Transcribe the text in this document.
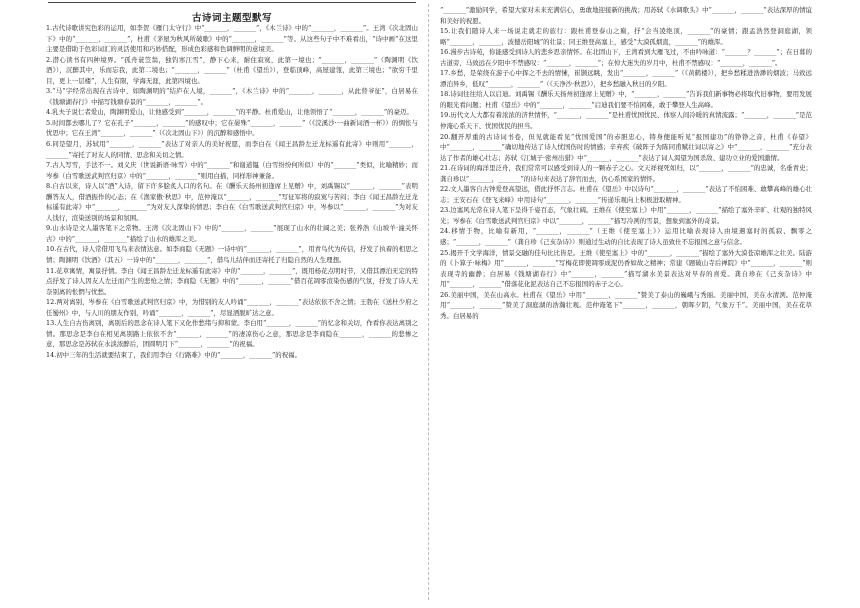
古诗词主题型默写

1.古代诗歌讲究色彩的运用，如李贺《雁门太守行》中“_______，_______”，《木兰诗》中的“_______，_______”。王湾《次北固山下》中的“_______，_______”，杜甫《茅屋为秋风所破歌》中的“_______，_______”等。从这些句子中不难看出，“诗中画”在这里主要是借助于色彩词汇的灵活使用和巧妙搭配，形成色彩感和色调鲜明的意境美。

2.潜心读书有四种境界。“孤舟蓑笠翁，独钓寒江雪”，静下心来，耐住寂寞，此第一境也；“_______，_______”（陶渊明《饮酒》），沉醉其中，乐而忘我，此第二境也；“_______，_______”（杜甫《望岳》），登临顶峰，高屋建瓴，此第三境也；“欲穷千里目，更上一层楼”，人生有限，学海无涯，此第四境也。

3.“马”字经常出现在古诗中，如陶渊明的“结庐在人境，_______”，《木兰诗》中的“_______，_______，从此替爷征”，白居易在《钱塘湖春行》中描写钱塘春景的“_______，_______”。

4.乳夫子说仁者爱山，陶渊明爱山，让他感受到“_______，_______”的平静。杜甫爱山，让他领悟了“_______，_______”的豪迈。

5.时间都去哪儿了？它在孔子“_______，_______”的感叹中；它在晏殊“_______，_______”（《浣溪沙·一曲新词酒一杯》）的惆怅与忧思中；它在王湾“_______，_______”（《次北固山下》）的沉醉和感悟中。

6.同是望月，苏轼用“_______，_______”表达了对亲人的美好祝愿，而李白在《闻王昌龄左迁龙标遥有此寄》中则用“_______，_______”寄托了对友人的同情、思念和关切之情。

7.古人写雪，手法不一。刘义庆（世说新语·咏雪）中的“_______”和谢道韫（白雪纷纷何所似）中的“_______”类似，比喻精妙；而岑参（白雪歌送武判官归京）中的“_______，_______”则用白描，同样形神兼备。

8.自古以来，诗人以“酒”入诗，留下许多脍炙人口的名句。在《酬乐天扬州初逢席上见赠》中，刘禹锡以“_______，_______”表明酬答友人，借酒振作的心态；在《渔家傲·秋思》中，范仲淹以“_______，_______”写征军将的寂寞与苦闷；李白《闻王昌龄左迁龙标遥有此寄》中“_______，_______”为对友人深挚的情思；李白在《白雪歌送武判官归京》中，岑参以“_______，_______”为对友人饯行，渲染送别的场景和氛围。

9.山水诗是文人墨客笔下之常物。王湾《次北固山下》中的“_______，_______”展现了山水的壮阔之美；张养浩《山坡羊·潼关怀古》中的“_______，_______”描绘了山水的雄浑之美。

10.在古代，诗人常借用飞鸟来表情达意。如李商隐《无题》一诗中的“_______，_______”，用青鸟代为传信，抒发了执着的相思之情；陶渊明《饮酒》（其五）一诗中的“_______，_______”，借鸟儿结伴而还寄托了归隐自然的人生理想。

11.花草寓情，寓景抒情。李白《闻王昌龄左迁龙标遥有此寄》中的“_______，_______”，既用杨花点明时节，又借其漂泊无定的特点抒发了诗人因友人左迁而产生的悲怆之情；李商隐《无题》中的“_______，_______”借百花凋零渲染伤感的气氛，抒发了诗人无奈别离的怅惘与忧愁。

12.两对离别，岑参在《白雪歌送武判官归京》中，为惜别的友人吟诵“_______，_______”表达依依不舍之情；王勃在《送杜少府之任蜀州》中，与人川的朋友作别，吟诵“_______，_______”，尽显洒脱旷达之意。

13.人生自古伤离别，离别后的思念在诗人笔下又化作愁绪与抑和蒙。李白用“_______，_______”的忆念和关切，作看你表达离别之情。那思念是李白在相见离别路上依依不舍“_______，_______”的凄凉伤心之意，那思念是李商隐在_______，_______的悲惨之意，那思念是苏轼在水淡浓醉后，团圆明月下“_______，_______”的祝福。

14.初中三年的生活就要结束了，我们用李白《行路难》中的“_______，_______”的祝福。

“_______”激励同学，希望大家对未来充满信心，勇敢地迎接新的挑战；用苏轼《水调歌头》中“_______，_______”表达深厚的情谊和美好的祝愿。

15.让我们随诗人来一场说走就走的旅行：跟杜甫登泰山之巅，抒“会当凌绝顶，_______”的豪情；跟孟浩然登洞庭湖，领略“_______，_______，波撼岳阳城”的壮景；同王维登高塞上，感受“大漠孤烟直，_______”的雄浑。

16.漫步古诗苑，你能感受到诗人的悲乡思亲情怀。在北固山下，王湾看到大雁飞过，不由吟咏道：“_______？_______”；在日暮的古道旁，马致远在夕阳中不禁感叹：“_______，_______”；在悼大迷失的岁月中，杜甫不禁感叹：“_______，_______”。

17.乡愁，是荣绕在游子心中挥之不去的情愫，崔颢远眺，发出“_______，_______”（《黄鹤楼》），把乡愁糅进浩渺的烟波；马致远漂泊异乡，低叹“_______，_______”（《天净沙·秋思》），把乡愁融入秋日的夕阳。

18.诗词往往给人以启迪。刘禹锡《酬乐天扬州初逢席上见赠》中，“_______，_______”告诉我们新事物必将取代旧事物，要用发展的眼光看问题；杜甫《望岳》中的“_______，_______”启迪我们要不怕困难，敢于攀登人生高峰。

19.历代文人大都有着浓浓的济世情怀，“_______，_______”是杜甫忧国忧民、体察人间冷暖的真情流露；“_______，_______”是范仲淹心系天下、忧国忧民的担当。

20.翻开厚重的古诗词书卷，但见就能看见“忧国爱国”的赤胆忠心，铸身便能听见“报国建功”的铮铮之音，杜甫《春望》中“_______，_______”确切地传达了诗人忧国伤时的情感；辛弃疾《破阵子为陈同甫赋壮词以寄之》中“_______，_______”充分表达了作者的雄心壮志；苏轼《江城子·密州出猎》中“_______，_______”表达了词人渴望为国杀敌、建功立业的爱国激情。

21.在诗词的海洋里泛舟，我们常常可以感受到诗人的一颗赤子之心。文天祥视死如归，以“_______，_______”的忠诚，名垂青史；龚自珍以“_______，_______”的诗句来表达了辞官而去，仍心系国家的情怀。

22.文人墨客自古钟爱登高望远，借此抒怀言志。杜甫在《望岳》中以诗句“_______，_______”表达了不怕困难、敢攀高峰的雄心壮志；王安石在《登飞来峰》中用诗句“_______，_______”传递乐观向上积极进取精神。

23.边塞风光常在诗人笔下呈得千姿百态，气象壮阔。王维在《使至塞上》中用“_______，_______”描绘了塞外辛旷、壮观的独特风光；岑参在《白雪歌送武判官归京》中以“_______，_______”描写冷冽的雪景，想象到塞外的奇景。

24.移情于物，比喻有新用，“_______，_______”（王维《使至塞上》）运用比喻表现诗人由境遇塞时的孤寂、飘零之感；“_______，_______”（龚自珍《己亥杂诗》）则通过生动的自比表现了诗人虽致仕不忘报国之意与信念。

25.揭开千文学海洋，情景交融的佳句比比皆是。王维《使至塞上》中的“_______，_______”描绘了塞外大漠苍凉雄浑之壮美。陆游的《卜算子·咏梅》用“_______，_______”写梅花即使凋零成泥仍香如故之精神；常建《题破山寺后禅院》中“_______，_______”则表现寺的幽静；白居易《钱塘湖春行》中“_______，_______”描写湖水美景表达对早春的喜爱。龚自珍在《己亥杂诗》中用“_______，_______”借落花化泥表达自己不忘报国的赤子之心。

26.美丽中国，美在山高水。杜甫在《望岳》中用“_______，_______”赞美了泰山的巍峨与秀丽。美丽中国，美在水清洌。范仲淹用“_______，_______”赞美了洞庭湖的浩瀚壮观。范仲淹笔下“_______，_______，朝晖夕阴，气象万千”。美丽中国，美在花草秀。白居易的
